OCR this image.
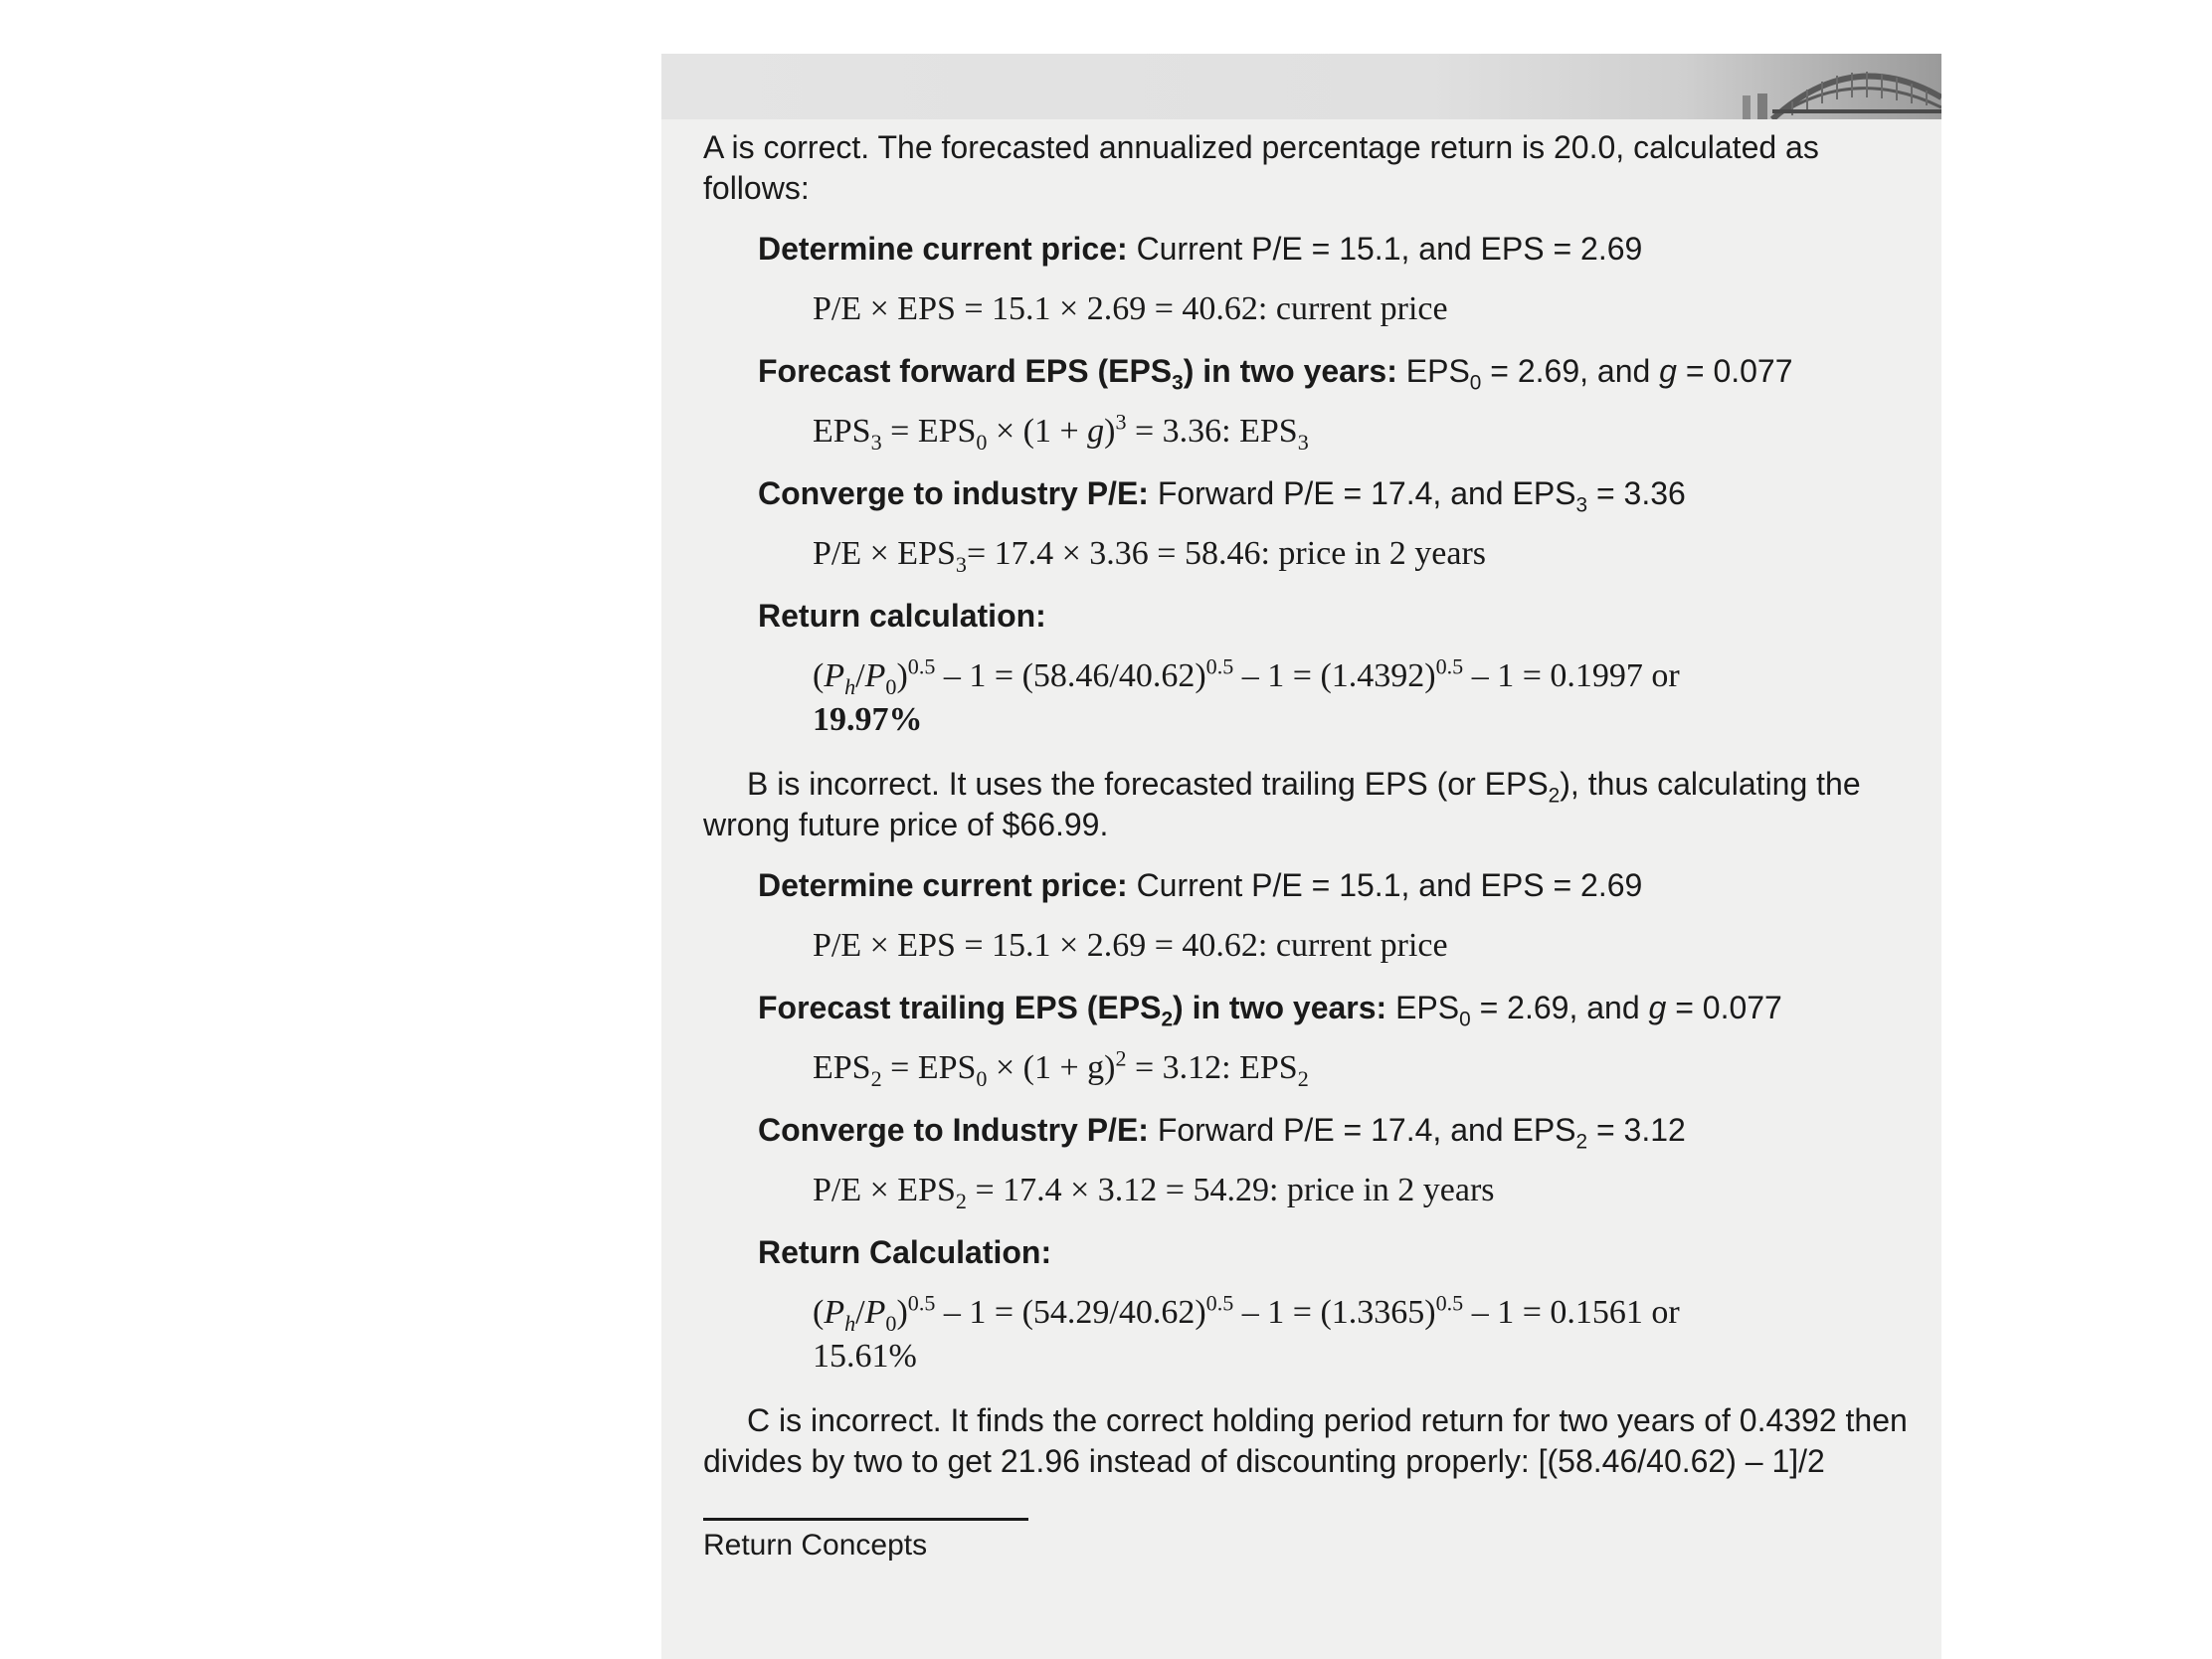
A is correct. The forecasted annualized percentage return is 20.0, calculated as follows:

Determine current price: Current P/E = 15.1, and EPS = 2.69
P/E × EPS = 15.1 × 2.69 = 40.62: current price
Forecast forward EPS $(EPS_3)$ in two years: $EPS_0 = 2.69$, and g = 0.077
$EPS_3 = EPS_0 \times (1 + g)^3 = 3.36$: $EPS_3$
Converge to industry P/E: Forward P/E = 17.4, and $EPS_3 = 3.36$
$P/E \times EPS_3= 17.4 \times 3.36 = 58.46$: price in 2 years
Return calculation:
$(P_h/P_0)^{0.5} - 1 = (58.46/40.62)^{0.5} - 1 = (1.4392)^{0.5} - 1 = 0.1997$ or
19.97%

B is incorrect. It uses the forecasted trailing EPS (or $EPS_2$), thus calculating the wrong future price of $66.99.

Determine current price: Current P/E = 15.1, and EPS = 2.69
P/E × EPS = 15.1 × 2.69 = 40.62: current price
Forecast trailing EPS $(EPS_2)$ in two years: $EPS_0 = 2.69$, and g = 0.077
$EPS_2 = EPS_0 \times (1 + g)^2 = 3.12$: $EPS_2$
Converge to Industry P/E: Forward P/E = 17.4, and $EPS_2 = 3.12$
$P/E \times EPS_2 = 17.4 \times 3.12 = 54.29$: price in 2 years
Return Calculation:
$(P_h/P_0)^{0.5} - 1 = (54.29/40.62)^{0.5} - 1 = (1.3365)^{0.5} - 1 = 0.1561$ or
15.61%

C is incorrect. It finds the correct holding period return for two years of 0.4392 then divides by two to get 21.96 instead of discounting properly: [(58.46/40.62) – 1]/2

Return Concepts
